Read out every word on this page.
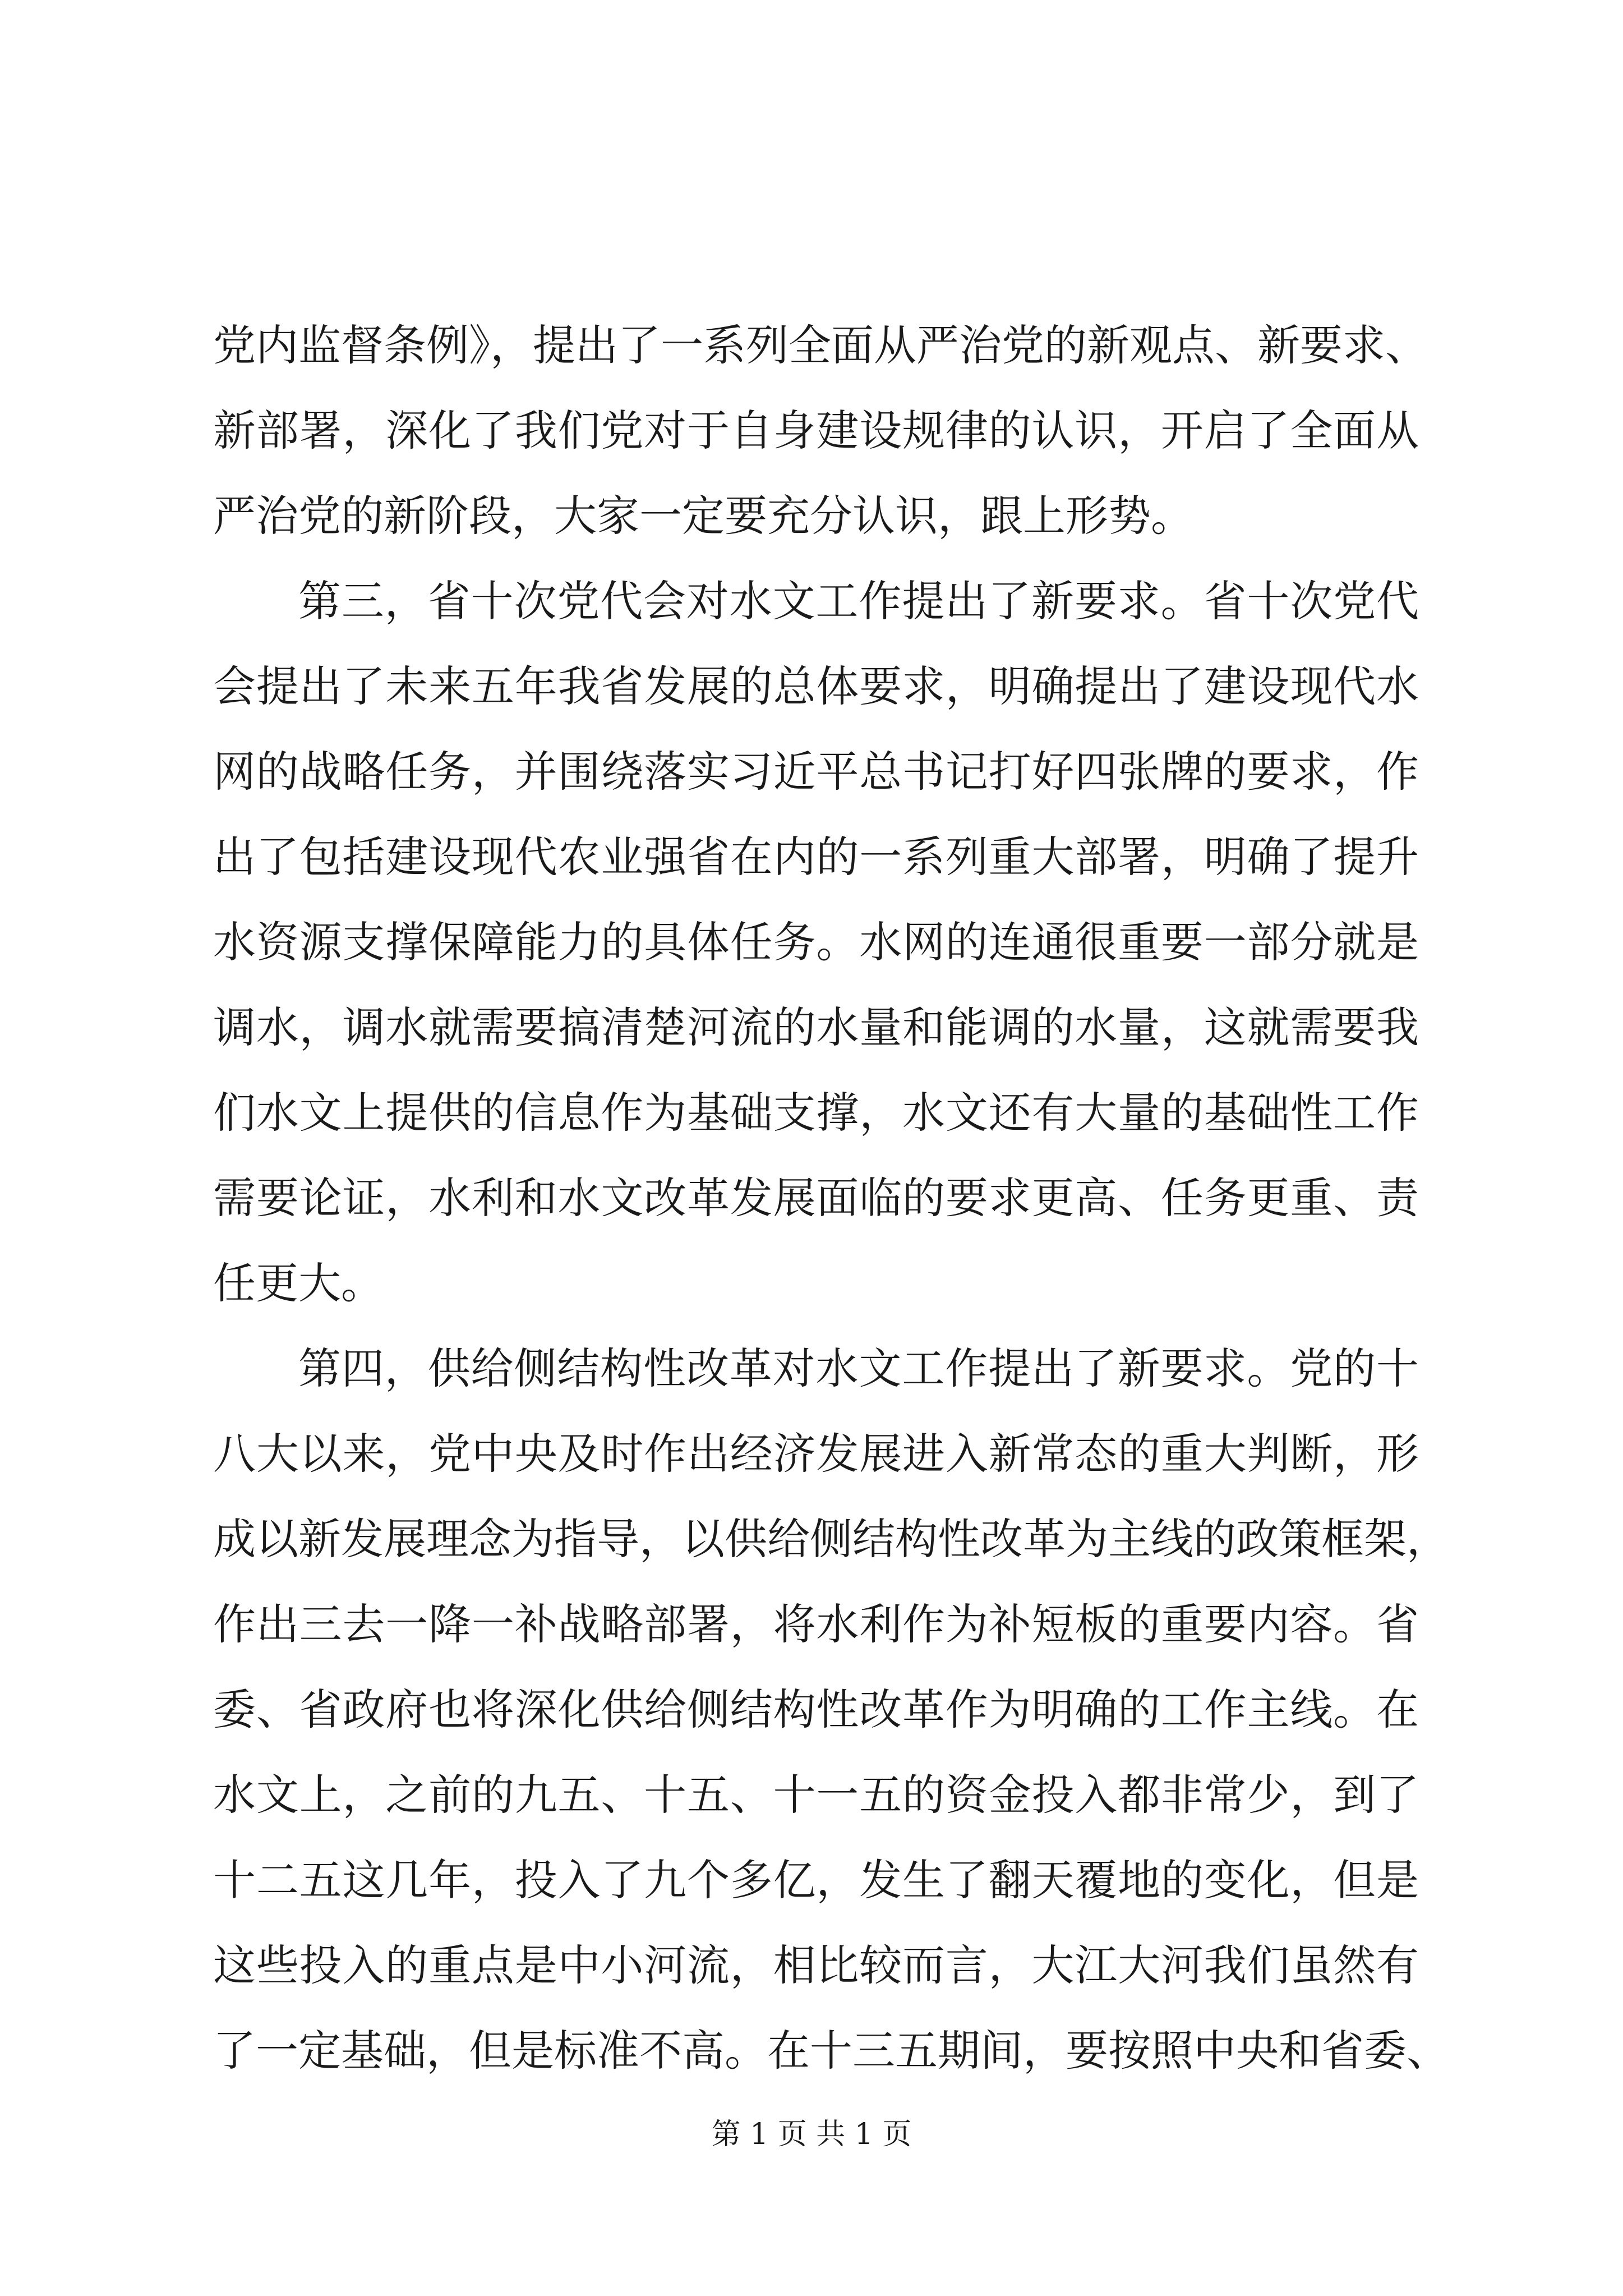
党内监督条例》，提出了一系列全面从严治党的新观点、新要求、
新部署，深化了我们党对于自身建设规律的认识，开启了全面从
严治党的新阶段，大家一定要充分认识，跟上形势。
第三，省十次党代会对水文工作提出了新要求。省十次党代
会提出了未来五年我省发展的总体要求，明确提出了建设现代水
网的战略任务，并围绕落实习近平总书记打好四张牌的要求，作
出了包括建设现代农业强省在内的一系列重大部署，明确了提升
水资源支撑保障能力的具体任务。水网的连通很重要一部分就是
调水，调水就需要搞清楚河流的水量和能调的水量，这就需要我
们水文上提供的信息作为基础支撑，水文还有大量的基础性工作
需要论证，水利和水文改革发展面临的要求更高、任务更重、责
任更大。
第四，供给侧结构性改革对水文工作提出了新要求。党的十
八大以来，党中央及时作出经济发展进入新常态的重大判断，形
成以新发展理念为指导，以供给侧结构性改革为主线的政策框架，
作出三去一降一补战略部署，将水利作为补短板的重要内容。省
委、省政府也将深化供给侧结构性改革作为明确的工作主线。在
水文上，之前的九五、十五、十一五的资金投入都非常少，到了
十二五这几年，投入了九个多亿，发生了翻天覆地的变化，但是
这些投入的重点是中小河流，相比较而言，大江大河我们虽然有
了一定基础，但是标准不高。在十三五期间，要按照中央和省委、
第 1 页 共 1 页
